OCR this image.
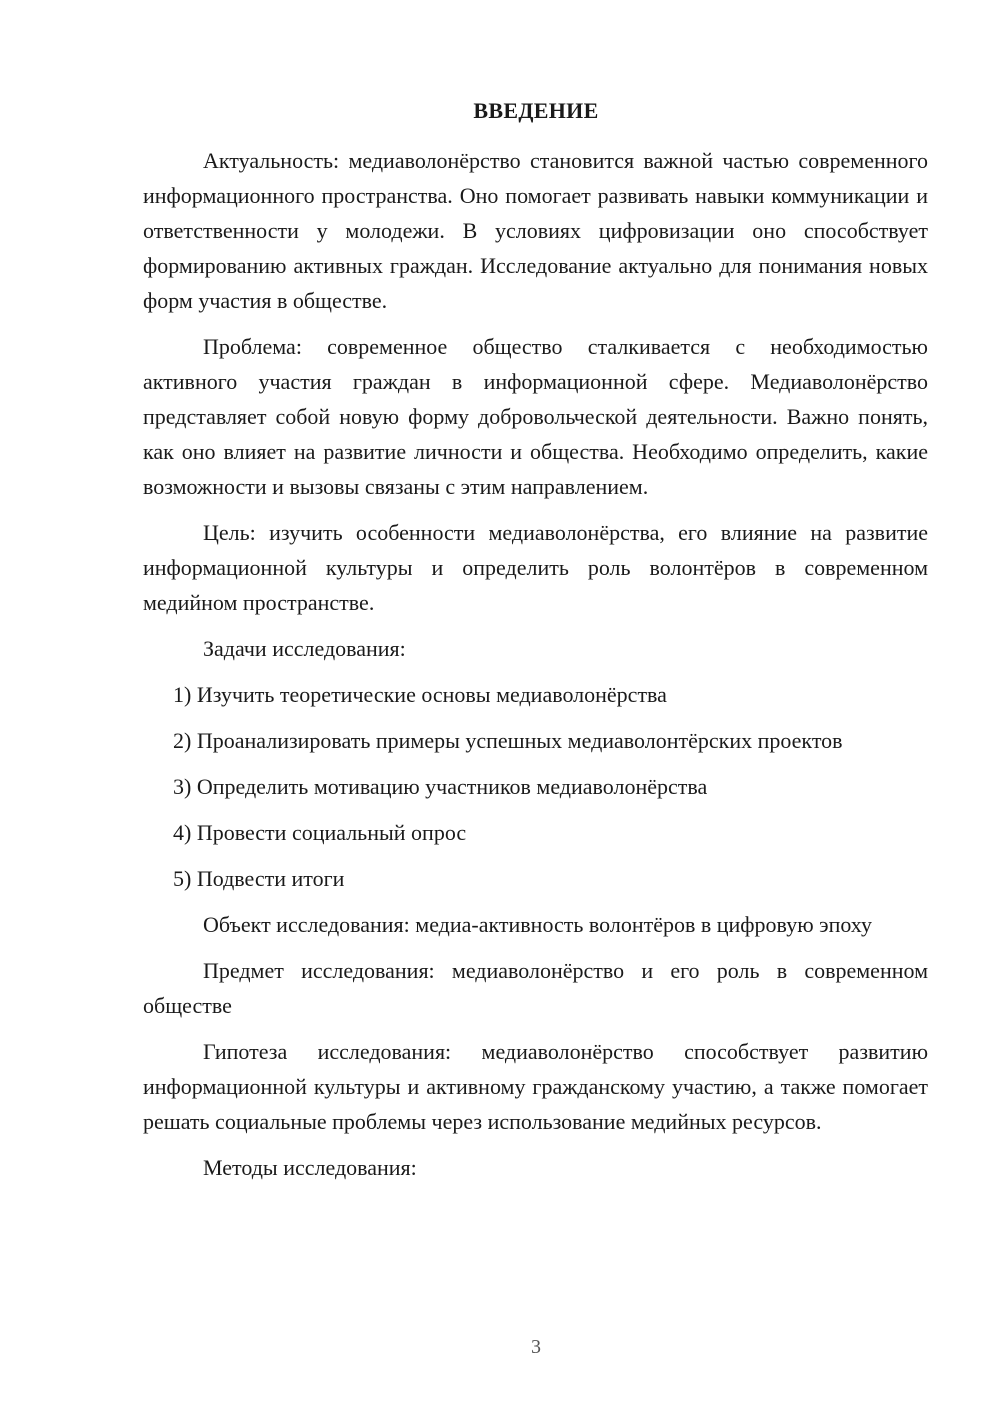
ВВЕДЕНИЕ

Актуальность: медиаволонёрство становится важной частью современного информационного пространства. Оно помогает развивать навыки коммуникации и ответственности у молодежи. В условиях цифровизации оно способствует формированию активных граждан. Исследование актуально для понимания новых форм участия в обществе.

Проблема: современное общество сталкивается с необходимостью активного участия граждан в информационной сфере. Медиаволонёрство представляет собой новую форму добровольческой деятельности. Важно понять, как оно влияет на развитие личности и общества. Необходимо определить, какие возможности и вызовы связаны с этим направлением.

Цель: изучить особенности медиаволонёрства, его влияние на развитие информационной культуры и определить роль волонтёров в современном медийном пространстве.

Задачи исследования:

1) Изучить теоретические основы медиаволонёрства

2) Проанализировать примеры успешных медиаволонтёрских проектов

3) Определить мотивацию участников медиаволонёрства

4) Провести социальный опрос

5) Подвести итоги

Объект исследования: медиа-активность волонтёров в цифровую эпоху

Предмет исследования: медиаволонёрство и его роль в современном обществе

Гипотеза исследования: медиаволонёрство способствует развитию информационной культуры и активному гражданскому участию, а также помогает решать социальные проблемы через использование медийных ресурсов.

Методы исследования:

3
